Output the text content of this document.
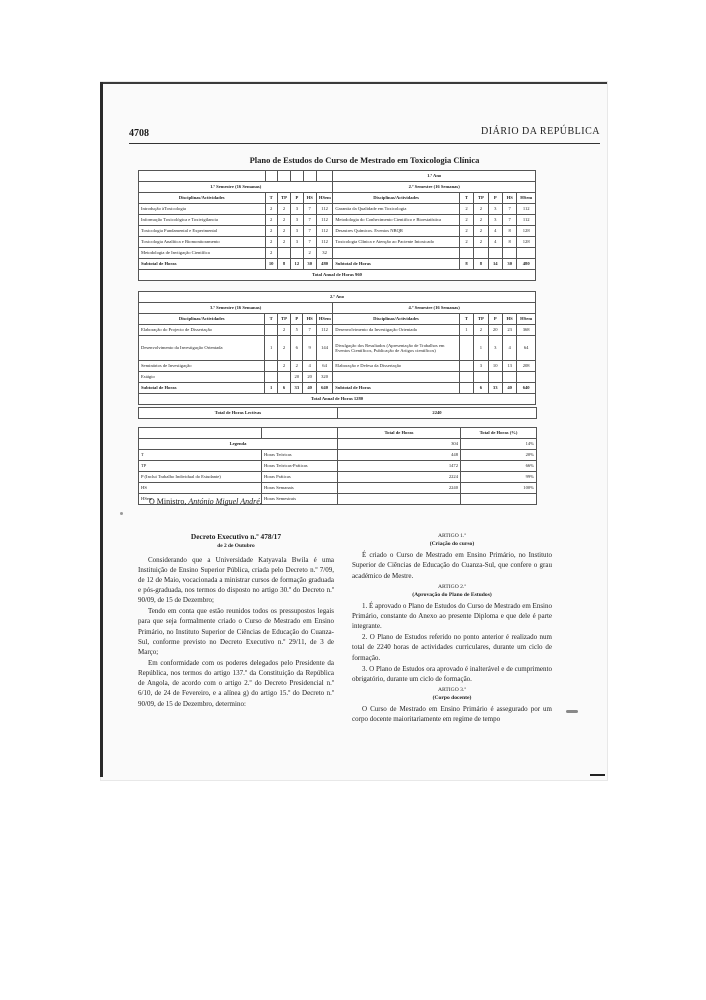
4708	DIÁRIO DA REPÚBLICA
Plano de Estudos do Curso de Mestrado em Toxicologia Clínica
						1.º Ano					
1.º Semestre (16 Semanas)						2.º Semestre (16 Semanas)					
Disciplinas/Actividades	T	TP	P	HS	HSem	Disciplinas/Actividades	T	TP	P	HS	HSem
Introdução àToxicologia	2	2	3	7	112	Garantia da Qualidade em Toxicologia	2	2	3	7	112
Informação Toxicológica e Toxivigilancia	2	2	3	7	112	Metodologia do Conhecimento Cientifico e Bioestatística	2	2	3	7	112
Toxicologia Fundamental e Experimental	2	2	3	7	112	Desastres Químicos. Eventos NBQR	2	2	4	8	128
Toxicologia Analítica e Biomonitoramento	2	2	3	7	112	Toxicologia Clínica e Atenção ao Paciente Intoxicado	2	2	4	8	128
Metodologia de Invtigação Científica	2			2	32						
Subtotal de Horas	10	8	12	30	480	Subtotal de Horas	8	8	14	30	480
Total Anual de Horas 960											
2.º Ano											
3.º Semestre (16 Semanas)						4.º Semestre (16 Semanas)					
Disciplinas/Actividades	T	TP	P	HS	HSem	Disciplinas/Actividades	T	TP	P	HS	HSem
Elaboração do Projecto de Dissertação		2	5	7	112	Desenvolvimento da Investigação Orientada	1	2	20	23	368
Desenvolvimento da Investigação Orientada	1	2	6	9	144	Divulgação dos Resultados (Apresentação de Trabalhos em Eventos Científicos, Publicação de Artigos científicos)		1	3	4	64
Seminários de Investigação		2	2	4	64	Elaboração e Defesa da Dissertação		3	10	13	208
Estágio			20	20	320						
Subtotal de Horas	1	6	33	40	640	Subtotal de Horas		6	33	40	640
Total Anual de Horas 1280											
Total de Horas Lectivas	2240
		Total de Horas	Total de Horas (%)
Legenda		304	14%
T	Horas Teóricas	448	20%
TP	Horas Teóricas-Práticas	1472	66%
P (Inclui Trabalho Individual do Estudante)	Horas Práticas	2224	99%
HS	Horas Semanais	2240	100%
HSem	Horas Semestrais		
O Ministro, António Miguel André.
Decreto Executivo n.º 478/17
de 2 de Outubro

Considerando que a Universidade Katyavala Bwila é uma Instituição de Ensino Superior Pública, criada pelo Decreto n.º 7/09, de 12 de Maio, vocacionada a ministrar cursos de formação graduada e pós-graduada, nos termos do disposto no artigo 30.º do Decreto n.º 90/09, de 15 de Dezembro;

Tendo em conta que estão reunidos todos os pressupostos legais para que seja formalmente criado o Curso de Mestrado em Ensino Primário, no Instituto Superior de Ciências de Educação do Cuanza-Sul, conforme previsto no Decreto Executivo n.º 29/11, de 3 de Março;

Em conformidade com os poderes delegados pelo Presidente da República, nos termos do artigo 137.º da Constituição da República de Angola, de acordo com o artigo 2.º do Decreto Presidencial n.º 6/10, de 24 de Fevereiro, e a alínea g) do artigo 15.º do Decreto n.º 90/09, de 15 de Dezembro, determino:

ARTIGO 1.º
(Criação do curso)

É criado o Curso de Mestrado em Ensino Primário, no Instituto Superior de Ciências de Educação do Cuanza-Sul, que confere o grau académico de Mestre.

ARTIGO 2.º
(Aprovação do Plano de Estudos)

1. É aprovado o Plano de Estudos do Curso de Mestrado em Ensino Primário, constante do Anexo ao presente Diploma e que dele é parte integrante.

2. O Plano de Estudos referido no ponto anterior é realizado num total de 2240 horas de actividades curriculares, durante um ciclo de formação.

3. O Plano de Estudos ora aprovado é inalterável e de cumprimento obrigatório, durante um ciclo de formação.

ARTIGO 3.º
(Corpo docente)

O Curso de Mestrado em Ensino Primário é assegurado por um corpo docente maioritariamente em regime de tempo
